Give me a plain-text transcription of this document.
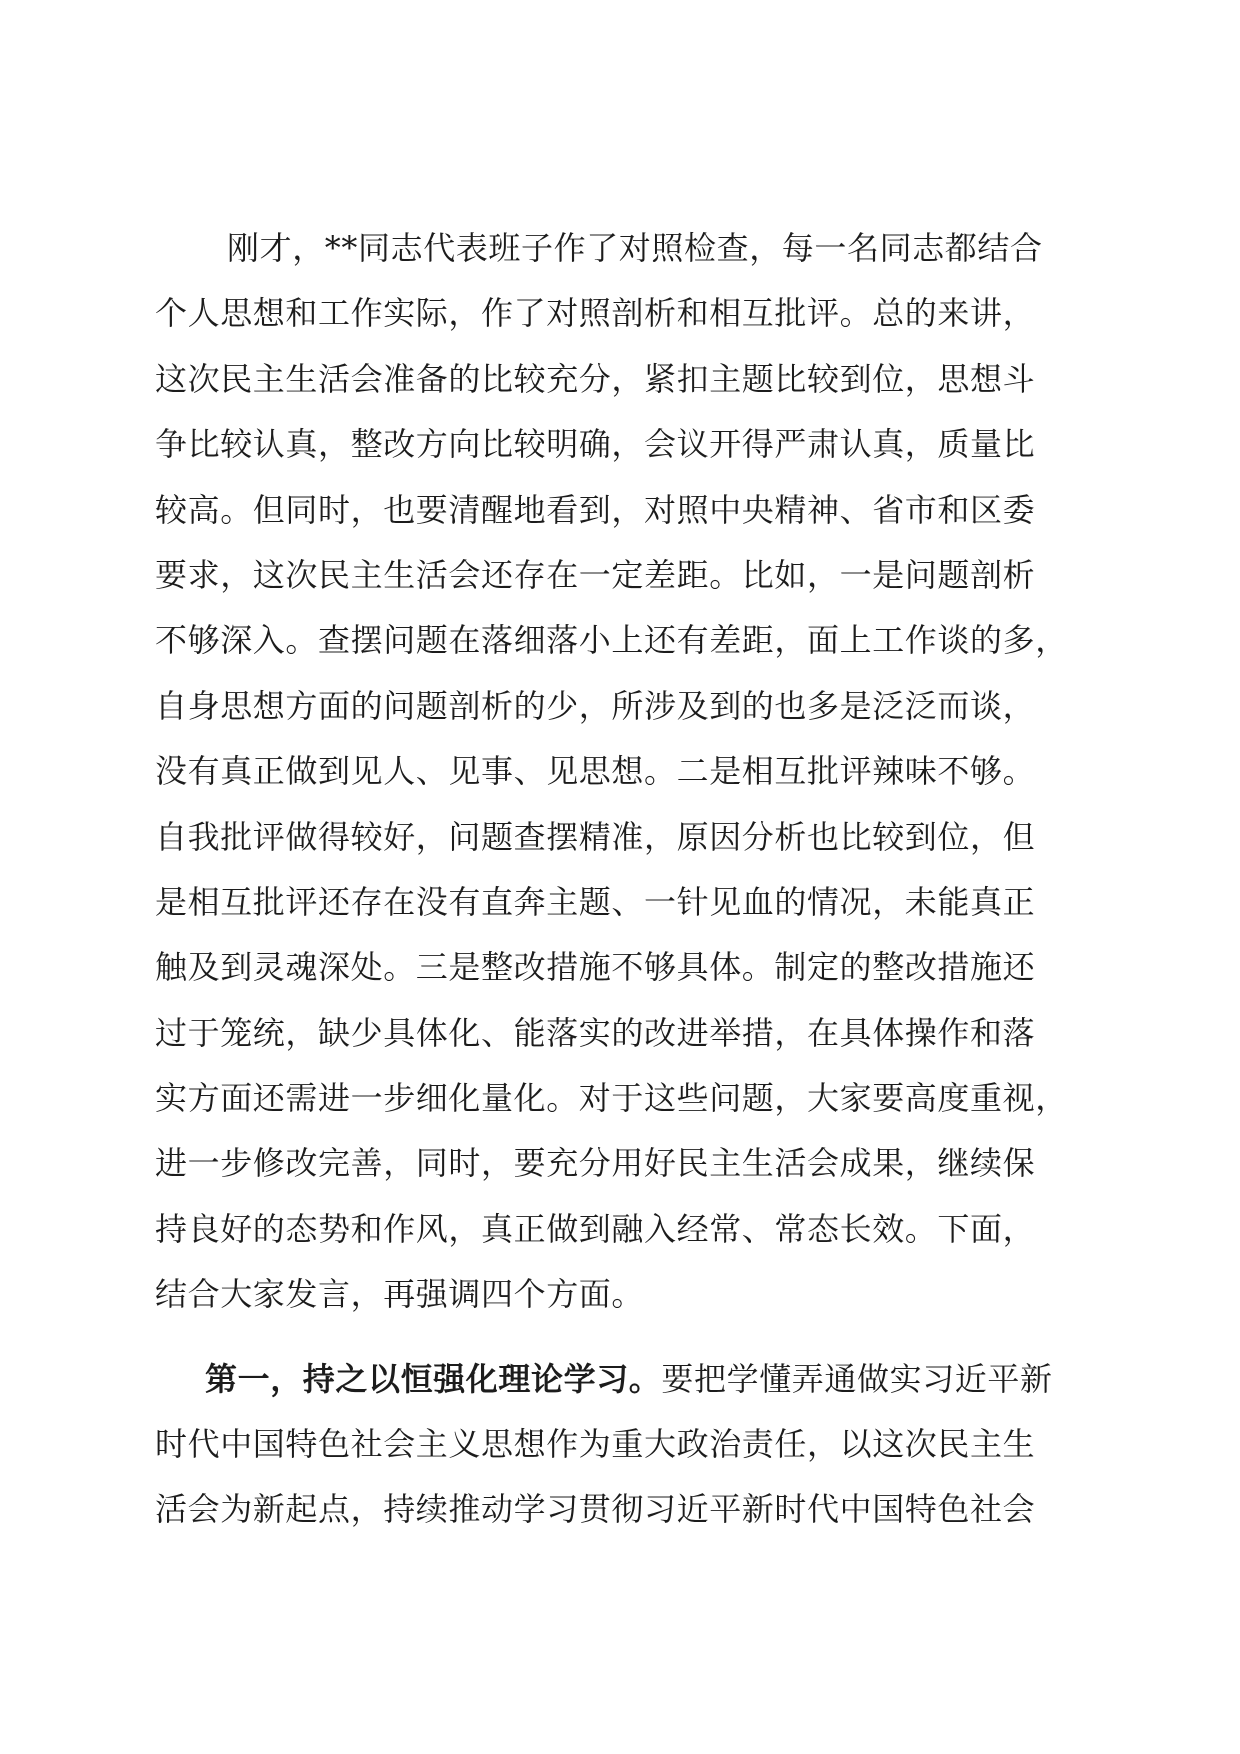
刚才，**同志代表班子作了对照检查，每一名同志都结合
个人思想和工作实际，作了对照剖析和相互批评。总的来讲，
这次民主生活会准备的比较充分，紧扣主题比较到位，思想斗
争比较认真，整改方向比较明确，会议开得严肃认真，质量比
较高。但同时，也要清醒地看到，对照中央精神、省市和区委
要求，这次民主生活会还存在一定差距。比如，一是问题剖析
不够深入。查摆问题在落细落小上还有差距，面上工作谈的多，
自身思想方面的问题剖析的少，所涉及到的也多是泛泛而谈，
没有真正做到见人、见事、见思想。二是相互批评辣味不够。
自我批评做得较好，问题查摆精准，原因分析也比较到位，但
是相互批评还存在没有直奔主题、一针见血的情况，未能真正
触及到灵魂深处。三是整改措施不够具体。制定的整改措施还
过于笼统，缺少具体化、能落实的改进举措，在具体操作和落
实方面还需进一步细化量化。对于这些问题，大家要高度重视，
进一步修改完善，同时，要充分用好民主生活会成果，继续保
持良好的态势和作风，真正做到融入经常、常态长效。下面，
结合大家发言，再强调四个方面。
第一，持之以恒强化理论学习。要把学懂弄通做实习近平新
时代中国特色社会主义思想作为重大政治责任，以这次民主生
活会为新起点，持续推动学习贯彻习近平新时代中国特色社会
